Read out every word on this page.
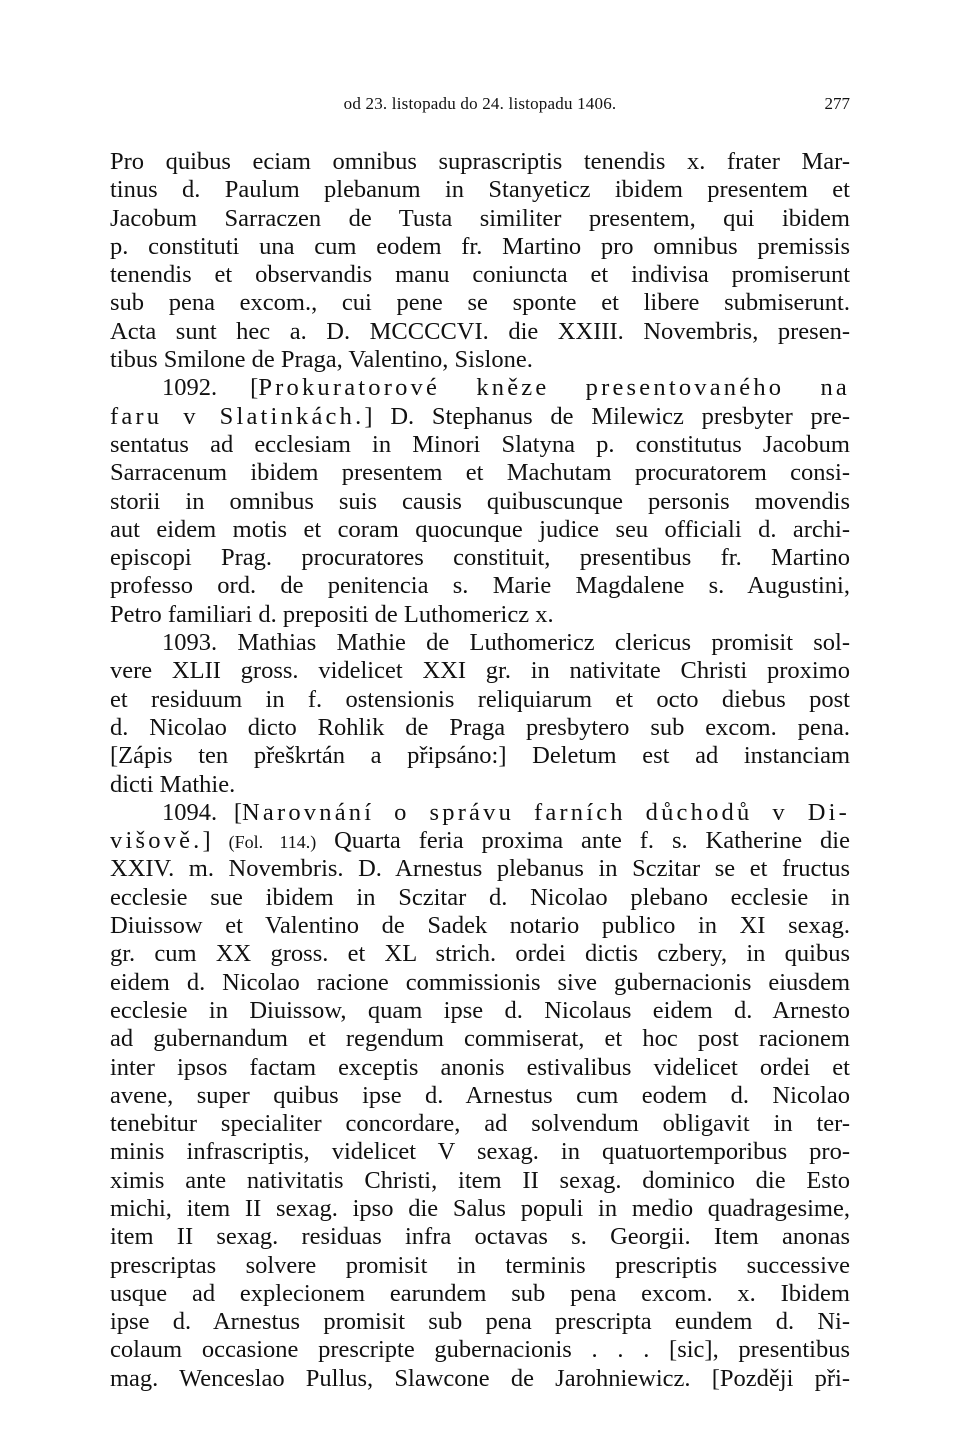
od 23. listopadu do 24. listopadu 1406.	277
Pro quibus eciam omnibus suprascriptis tenendis x. frater Mar-
tinus d. Paulum plebanum in Stanyeticz ibidem presentem et
Jacobum Sarraczen de Tusta similiter presentem, qui ibidem
p. constituti una cum eodem fr. Martino pro omnibus premissis
tenendis et observandis manu coniuncta et indivisa promiserunt
sub pena excom., cui pene se sponte et libere submiserunt.
Acta sunt hec a. D. MCCCCVI. die XXIII. Novembris, presen-
tibus Smilone de Praga, Valentino, Sislone.
1092. [Prokuratorové kněze presentovaného na
faru v Slatinkách.] D. Stephanus de Milewicz presbyter pre-
sentatus ad ecclesiam in Minori Slatyna p. constitutus Jacobum
Sarracenum ibidem presentem et Machutam procuratorem consi-
storii in omnibus suis causis quibuscunque personis movendis
aut eidem motis et coram quocunque judice seu officiali d. archi-
episcopi Prag. procuratores constituit, presentibus fr. Martino
professo ord. de penitencia s. Marie Magdalene s. Augustini,
Petro familiari d. prepositi de Luthomericz x.
1093. Mathias Mathie de Luthomericz clericus promisit sol-
vere XLII gross. videlicet XXI gr. in nativitate Christi proximo
et residuum in f. ostensionis reliquiarum et octo diebus post
d. Nicolao dicto Rohlik de Praga presbytero sub excom. pena.
[Zápis ten přeškrtán a připsáno:] Deletum est ad instanciam
dicti Mathie.
1094. [Narovnání o správu farních důchodů v Di-
višově.] (Fol. 114.) Quarta feria proxima ante f. s. Katherine die
XXIV. m. Novembris. D. Arnestus plebanus in Sczitar se et fructus
ecclesie sue ibidem in Sczitar d. Nicolao plebano ecclesie in
Diuissow et Valentino de Sadek notario publico in XI sexag.
gr. cum XX gross. et XL strich. ordei dictis czbery, in quibus
eidem d. Nicolao racione commissionis sive gubernacionis eiusdem
ecclesie in Diuissow, quam ipse d. Nicolaus eidem d. Arnesto
ad gubernandum et regendum commiserat, et hoc post racionem
inter ipsos factam exceptis anonis estivalibus videlicet ordei et
avene, super quibus ipse d. Arnestus cum eodem d. Nicolao
tenebitur specialiter concordare, ad solvendum obligavit in ter-
minis infrascriptis, videlicet V sexag. in quatuortemporibus pro-
ximis ante nativitatis Christi, item II sexag. dominico die Esto
michi, item II sexag. ipso die Salus populi in medio quadragesime,
item II sexag. residuas infra octavas s. Georgii. Item anonas
prescriptas solvere promisit in terminis prescriptis successive
usque ad explecionem earundem sub pena excom. x. Ibidem
ipse d. Arnestus promisit sub pena prescripta eundem d. Ni-
colaum occasione prescripte gubernacionis . . . [sic], presentibus
mag. Wenceslao Pullus, Slawcone de Jarohniewicz. [Později při-
